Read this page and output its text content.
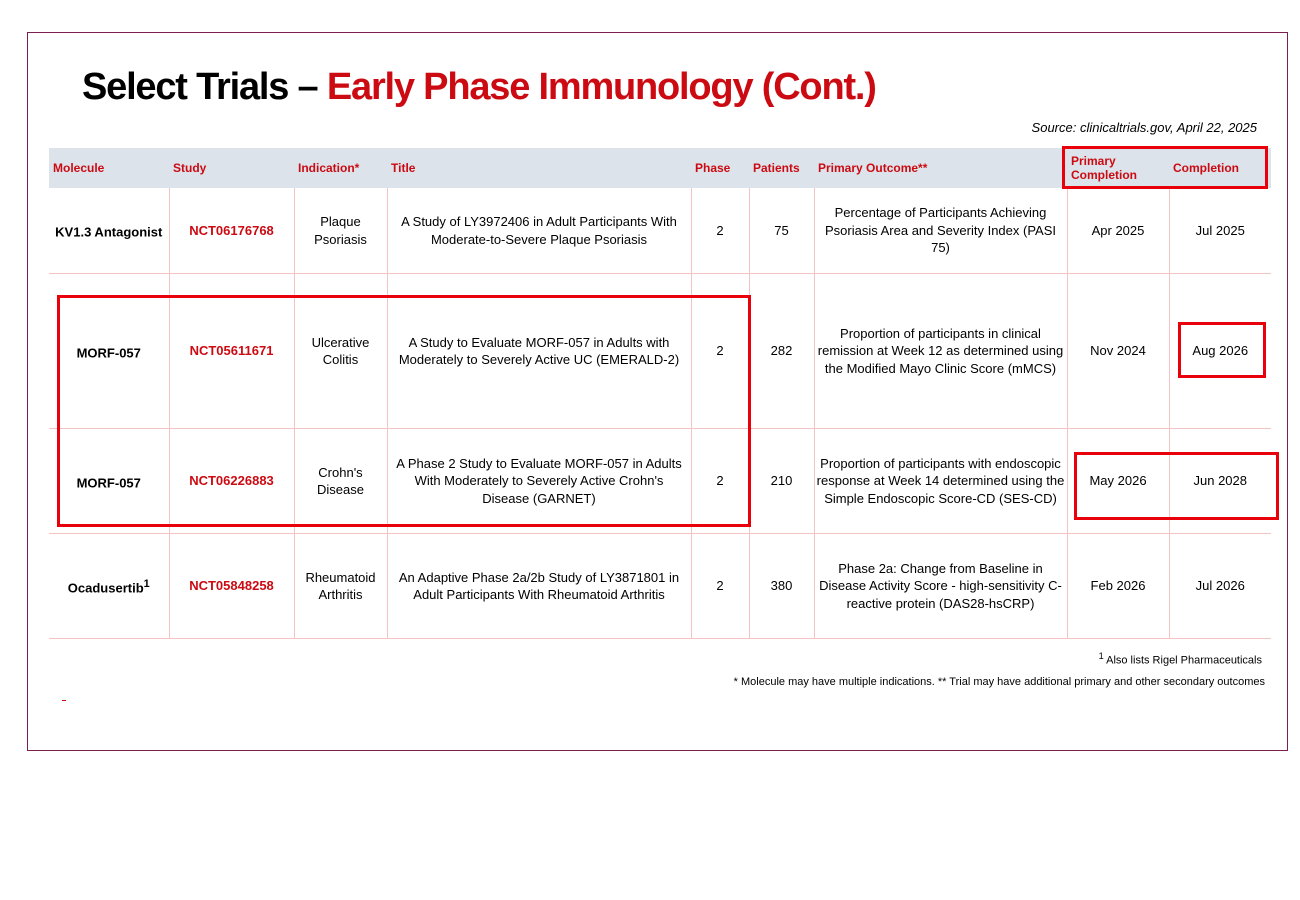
Select Trials – Early Phase Immunology (Cont.)
Source: clinicaltrials.gov, April 22, 2025
Molecule	Study	Indication*	Title	Phase	Patients	Primary Outcome**	Primary Completion	Completion
KV1.3 Antagonist	NCT06176768	Plaque Psoriasis	A Study of LY3972406 in Adult Participants With Moderate-to-Severe Plaque Psoriasis	2	75	Percentage of Participants Achieving Psoriasis Area and Severity Index (PASI 75)	Apr 2025	Jul 2025
MORF-057	NCT05611671	Ulcerative Colitis	A Study to Evaluate MORF-057 in Adults with Moderately to Severely Active UC (EMERALD-2)	2	282	Proportion of participants in clinical remission at Week 12 as determined using the Modified Mayo Clinic Score (mMCS)	Nov 2024	Aug 2026
MORF-057	NCT06226883	Crohn's Disease	A Phase 2 Study to Evaluate MORF-057 in Adults With Moderately to Severely Active Crohn's Disease (GARNET)	2	210	Proportion of participants with endoscopic response at Week 14 determined using the Simple Endoscopic Score-CD (SES-CD)	May 2026	Jun 2028
Ocadusertib$^1$	NCT05848258	Rheumatoid Arthritis	An Adaptive Phase 2a/2b Study of LY3871801 in Adult Participants With Rheumatoid Arthritis	2	380	Phase 2a: Change from Baseline in Disease Activity Score - high-sensitivity C-reactive protein (DAS28-hsCRP)	Feb 2026	Jul 2026
$^1$ Also lists Rigel Pharmaceuticals
* Molecule may have multiple indications. ** Trial may have additional primary and other secondary outcomes
